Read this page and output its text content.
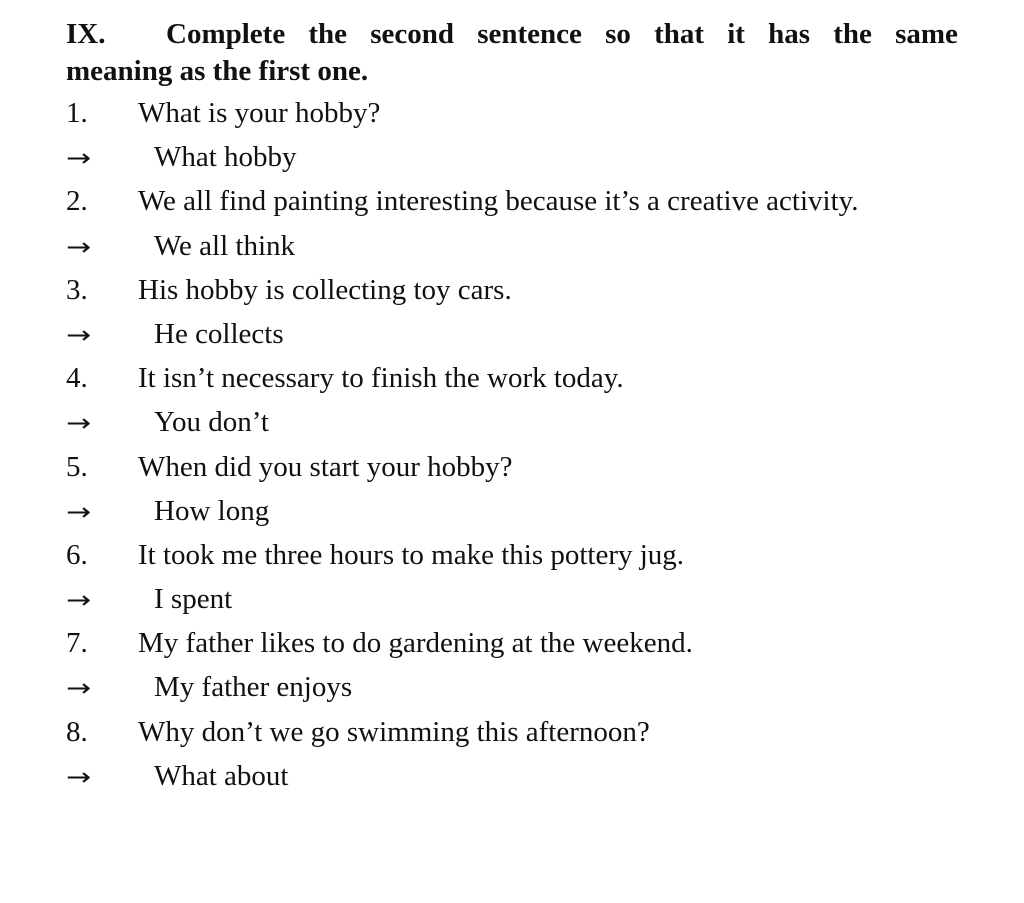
IX.	Complete the second sentence so that it has the same
meaning as the first one.
1.	What is your hobby?
→	What hobby
2.	We all find painting interesting because it’s a creative activity.
→	We all think
3.	His hobby is collecting toy cars.
→	He collects
4.	It isn’t necessary to finish the work today.
→	You don’t
5.	When did you start your hobby?
→	How long
6.	It took me three hours to make this pottery jug.
→	I spent
7.	My father likes to do gardening at the weekend.
→	My father enjoys
8.	Why don’t we go swimming this afternoon?
→	What about
